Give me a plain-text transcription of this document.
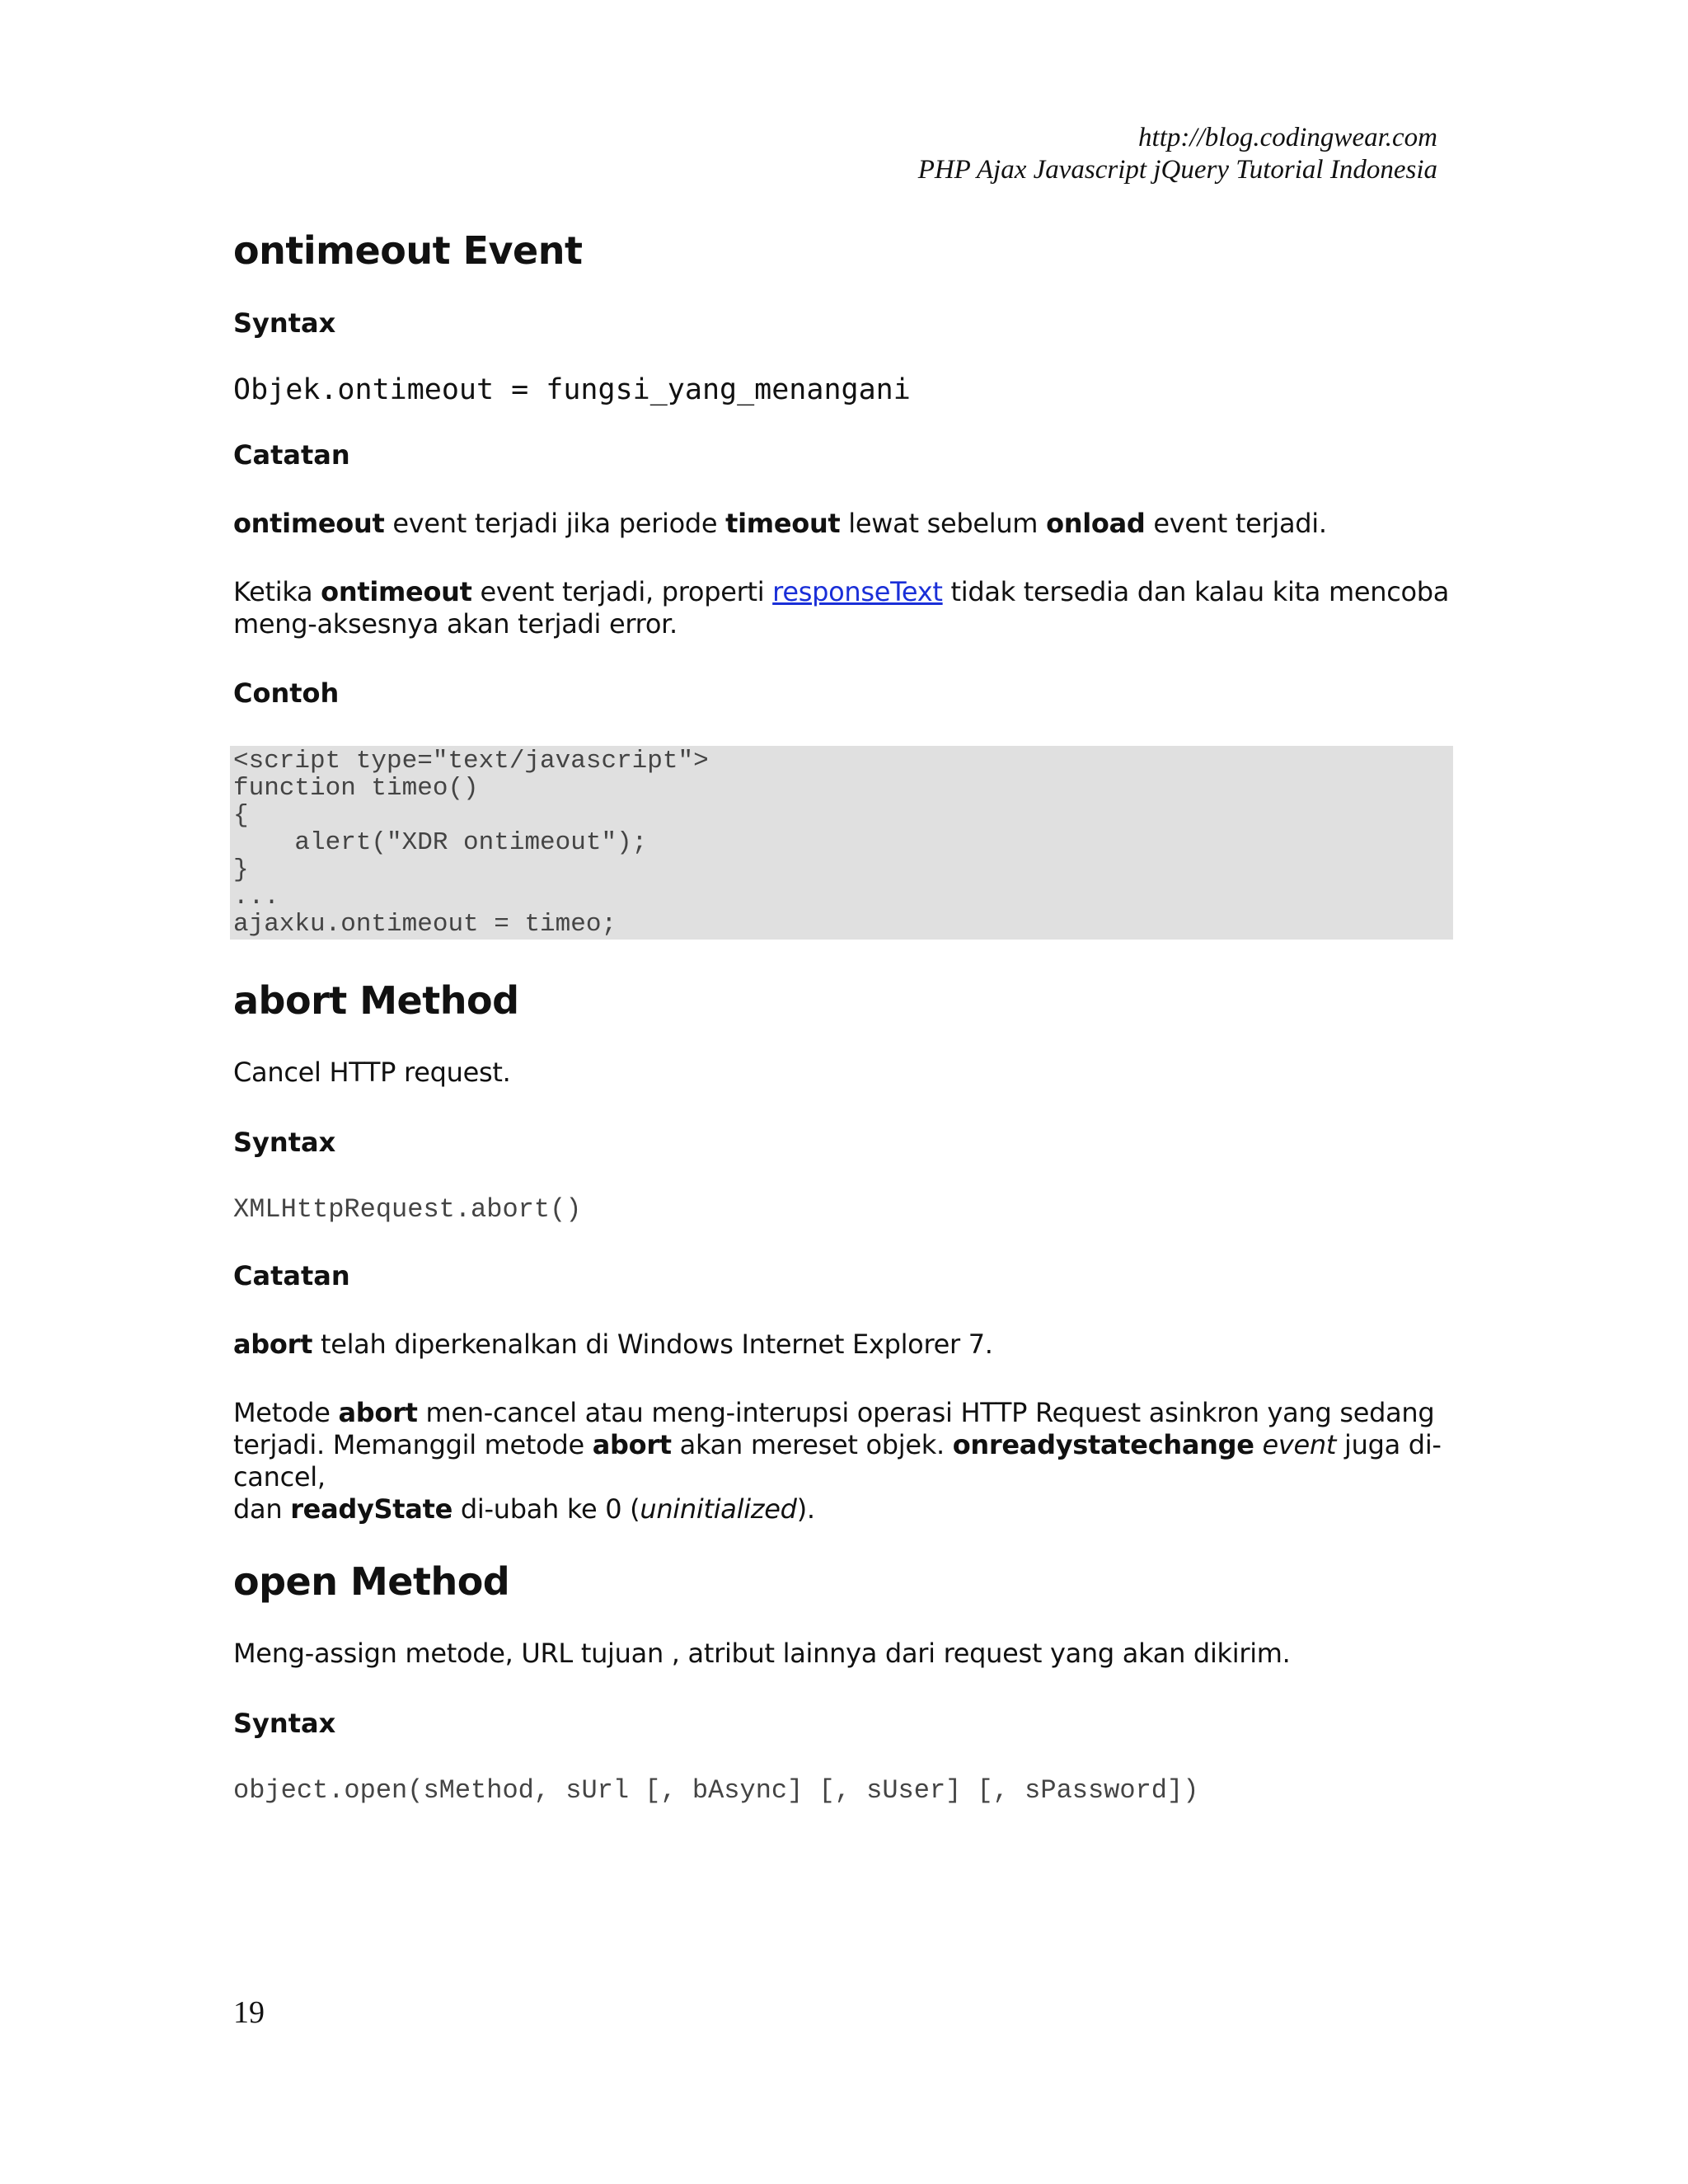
http://blog.codingwear.com
PHP Ajax Javascript jQuery Tutorial Indonesia
ontimeout Event
Syntax
Objek.ontimeout = fungsi_yang_menangani
Catatan

ontimeout event terjadi jika periode timeout lewat sebelum onload event terjadi.

Ketika ontimeout event terjadi, properti responseText tidak tersedia dan kalau kita mencoba
meng-aksesnya akan terjadi error.

Contoh
<script type="text/javascript">
function timeo()
{
alert("XDR ontimeout");
}
...
ajaxku.ontimeout = timeo;
abort Method

Cancel HTTP request.

Syntax
XMLHttpRequest.abort()
Catatan

abort telah diperkenalkan di Windows Internet Explorer 7.

Metode abort men-cancel atau meng-interupsi operasi HTTP Request asinkron yang sedang
terjadi. Memanggil metode abort akan mereset objek. onreadystatechange event juga di-cancel,
dan readyState di-ubah ke 0 (uninitialized).

open Method

Meng-assign metode, URL tujuan , atribut lainnya dari request yang akan dikirim.

Syntax
object.open(sMethod, sUrl [, bAsync] [, sUser] [, sPassword])
19
